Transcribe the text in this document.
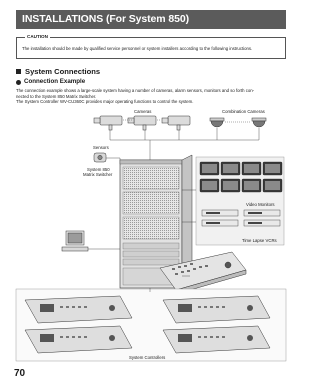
INSTALLATIONS (For System 850)
CAUTION
The installation should be made by qualified service personnel or system installers according to the following instructions.
System Connections
Connection Example

The connection example shows a large-scale system having a number of cameras, alarm sensors, monitors and so forth con-

nected to the System 850 Matrix Switcher.

The System Controller WV-CU360C provides major operating functions to control the system.

Cameras	Combination Cameras
Sensors
System 850
Matrix Switcher
Video Monitors
Time Lapse VCRs
System Controllers
70
